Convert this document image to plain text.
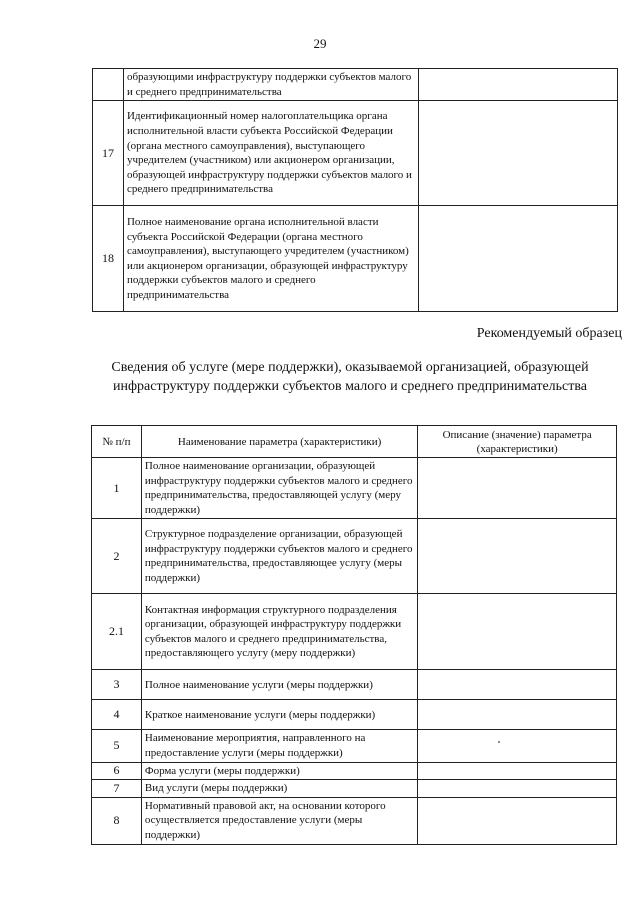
29
	образующими инфраструктуру поддержки субъектов малого и среднего предпринимательства	
17	Идентификационный номер налогоплательщика органа исполнительной власти субъекта Российской Федерации (органа местного самоуправления), выступающего учредителем (участником) или акционером организации, образующей инфраструктуру поддержки субъектов малого и среднего предпринимательства	
18	Полное наименование органа исполнительной власти субъекта Российской Федерации (органа местного самоуправления), выступающего учредителем (участником) или акционером организации, образующей инфраструктуру поддержки субъектов малого и среднего предпринимательства	
Рекомендуемый образец
Сведения об услуге (мере поддержки), оказываемой организацией, образующей инфраструктуру поддержки субъектов малого и среднего предпринимательства
№ п/п	Наименование параметра (характеристики)	Описание (значение) параметра (характеристики)
1	Полное наименование организации, образующей инфраструктуру поддержки субъектов малого и среднего предпринимательства, предоставляющей услугу (меру поддержки)	
2	Структурное подразделение организации, образующей инфраструктуру поддержки субъектов малого и среднего предпринимательства, предоставляющее услугу (меры поддержки)	
2.1	Контактная информация структурного подразделения организации, образующей инфраструктуру поддержки субъектов малого и среднего предпринимательства, предоставляющего услугу (меру поддержки)	
3	Полное наименование услуги (меры поддержки)	
4	Краткое наименование услуги (меры поддержки)	
5	Наименование мероприятия, направленного на предоставление услуги (меры поддержки)	
6	Форма услуги (меры поддержки)	
7	Вид услуги (меры поддержки)	
8	Нормативный правовой акт, на основании которого осуществляется предоставление услуги (меры поддержки)	
